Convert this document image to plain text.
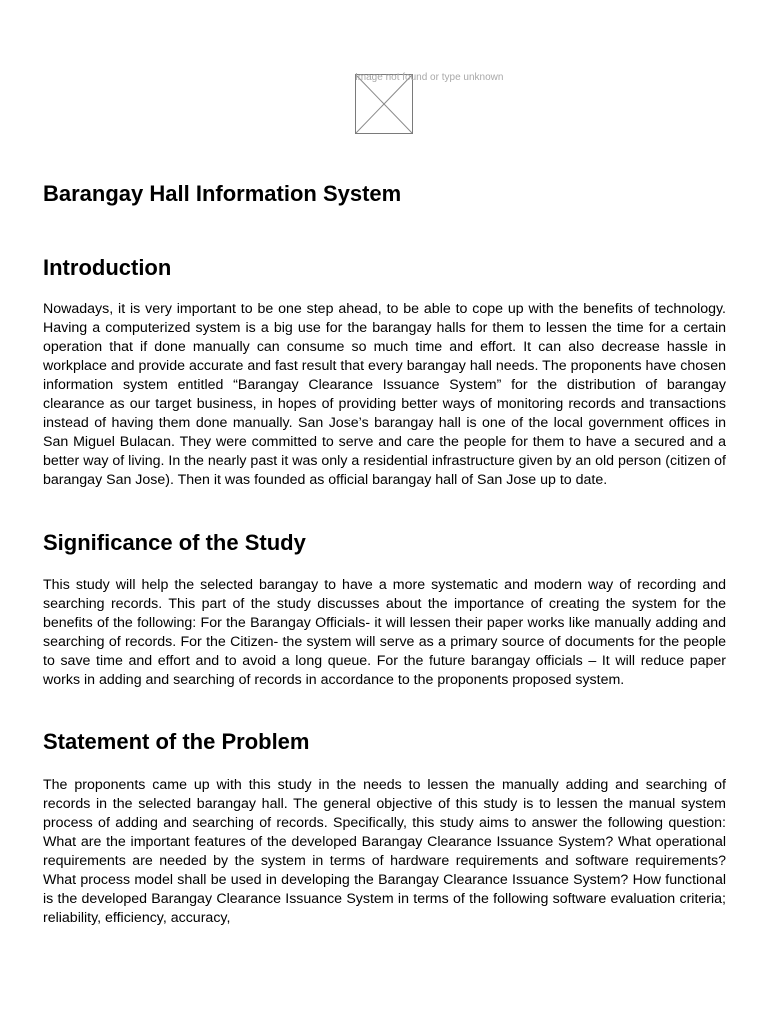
Image not found or type unknown
Barangay Hall Information System
Introduction

Nowadays, it is very important to be one step ahead, to be able to cope up with the benefits of technology. Having a computerized system is a big use for the barangay halls for them to lessen the time for a certain operation that if done manually can consume so much time and effort. It can also decrease hassle in workplace and provide accurate and fast result that every barangay hall needs. The proponents have chosen information system entitled “Barangay Clearance Issuance System” for the distribution of barangay clearance as our target business, in hopes of providing better ways of monitoring records and transactions instead of having them done manually. San Jose’s barangay hall is one of the local government offices in San Miguel Bulacan. They were committed to serve and care the people for them to have a secured and a better way of living. In the nearly past it was only a residential infrastructure given by an old person (citizen of barangay San Jose). Then it was founded as official barangay hall of San Jose up to date.

Significance of the Study

This study will help the selected barangay to have a more systematic and modern way of recording and searching records. This part of the study discusses about the importance of creating the system for the benefits of the following: For the Barangay Officials- it will lessen their paper works like manually adding and searching of records. For the Citizen- the system will serve as a primary source of documents for the people to save time and effort and to avoid a long queue. For the future barangay officials – It will reduce paper works in adding and searching of records in accordance to the proponents proposed system.

Statement of the Problem

The proponents came up with this study in the needs to lessen the manually adding and searching of records in the selected barangay hall. The general objective of this study is to lessen the manual system process of adding and searching of records. Specifically, this study aims to answer the following question: What are the important features of the developed Barangay Clearance Issuance System? What operational requirements are needed by the system in terms of hardware requirements and software requirements? What process model shall be used in developing the Barangay Clearance Issuance System? How functional is the developed Barangay Clearance Issuance System in terms of the following software evaluation criteria; reliability, efficiency, accuracy,
